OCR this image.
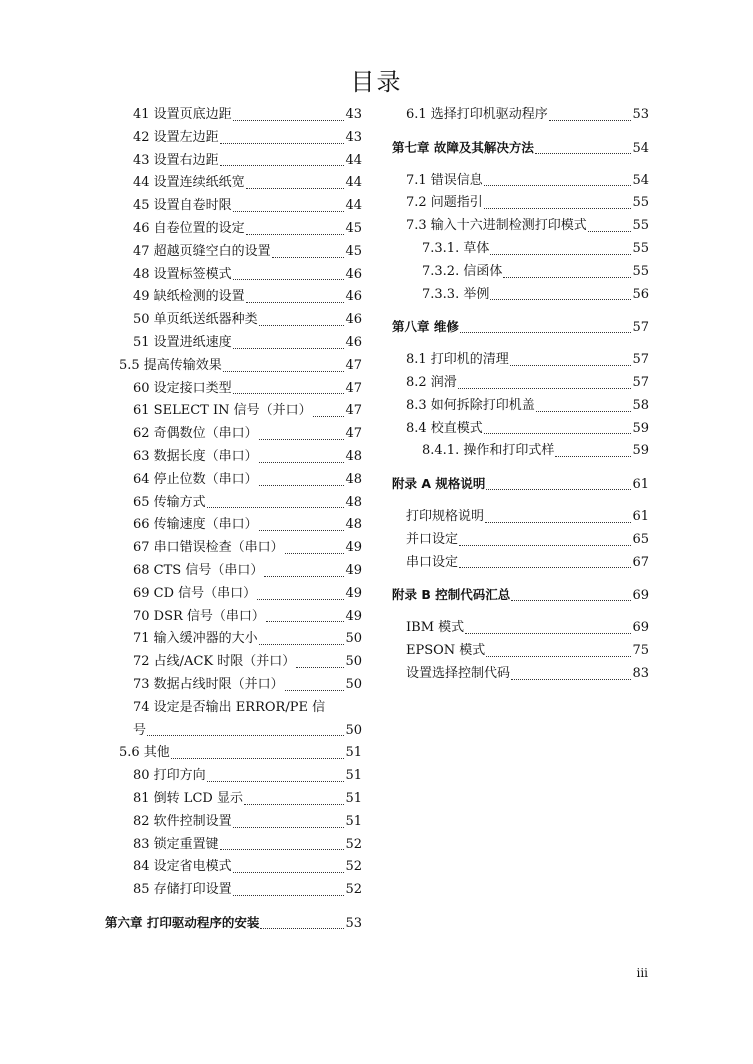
目录
41 设置页底边距	43
42 设置左边距	43
43 设置右边距	44
44 设置连续纸纸宽	44
45 设置自卷时限	44
46 自卷位置的设定	45
47 超越页缝空白的设置	45
48 设置标签模式	46
49 缺纸检测的设置	46
50 单页纸送纸器种类	46
51 设置进纸速度	46
5.5 提高传输效果	47
60 设定接口类型	47
61 SELECT IN 信号（并口）	47
62 奇偶数位（串口）	47
63 数据长度（串口）	48
64 停止位数（串口）	48
65 传输方式	48
66 传输速度（串口）	48
67 串口错误检查（串口）	49
68 CTS 信号（串口）	49
69 CD 信号（串口）	49
70 DSR 信号（串口）	49
71 输入缓冲器的大小	50
72 占线/ACK 时限（并口）	50
73 数据占线时限（并口）	50
74 设定是否输出 ERROR/PE 信
号	50
5.6 其他	51
80 打印方向	51
81 倒转 LCD 显示	51
82 软件控制设置	51
83 锁定重置键	52
84 设定省电模式	52
85 存储打印设置	52
第六章 打印驱动程序的安装	53
6.1 选择打印机驱动程序	53
第七章 故障及其解决方法	54
7.1 错误信息	54
7.2 问题指引	55
7.3 输入十六进制检测打印模式	55
7.3.1. 草体	55
7.3.2. 信函体	55
7.3.3. 举例	56
第八章 维修	57
8.1 打印机的清理	57
8.2 润滑	57
8.3 如何拆除打印机盖	58
8.4 校直模式	59
8.4.1. 操作和打印式样	59
附录 A 规格说明	61
打印规格说明	61
并口设定	65
串口设定	67
附录 B 控制代码汇总	69
IBM 模式	69
EPSON 模式	75
设置选择控制代码	83
iii
